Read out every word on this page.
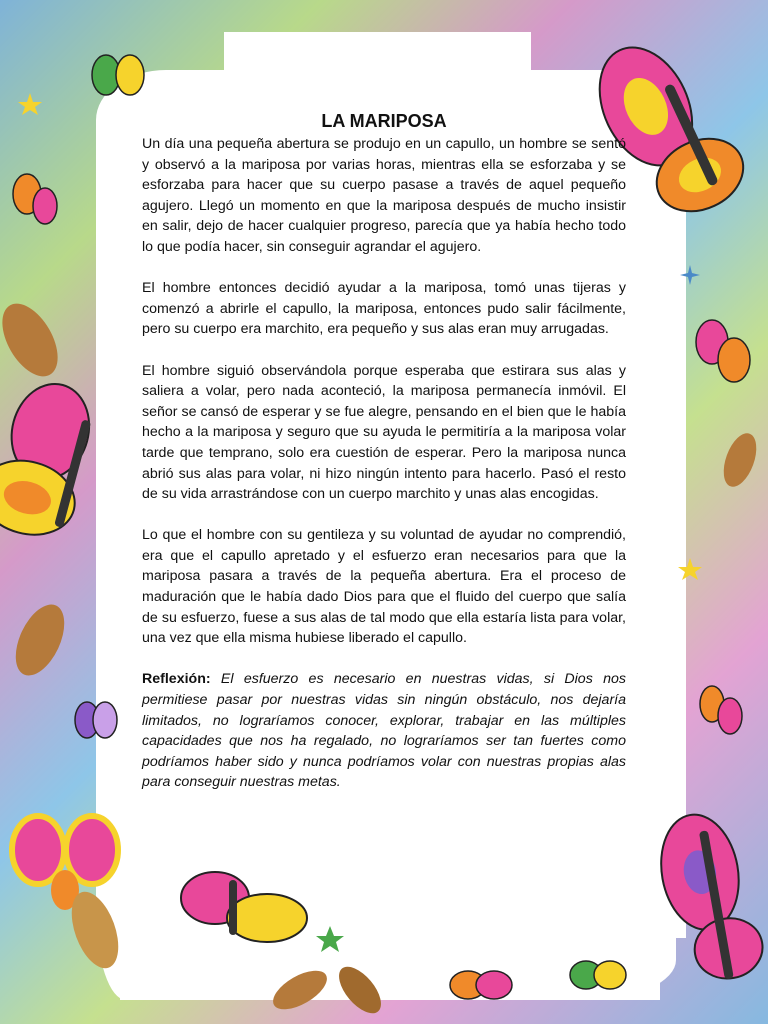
LA MARIPOSA

Un día una pequeña abertura se produjo en un capullo, un hombre se sentó y observó a la mariposa por varias horas, mientras ella se esforzaba y se esforzaba para hacer que su cuerpo pasase a través de aquel pequeño agujero. Llegó un momento en que la mariposa después de mucho insistir en salir, dejo de hacer cualquier progreso, parecía que ya había hecho todo lo que podía hacer, sin conseguir agrandar el agujero.

El hombre entonces decidió ayudar a la mariposa, tomó unas tijeras y comenzó a abrirle el capullo, la mariposa, entonces pudo salir fácilmente, pero su cuerpo era marchito, era pequeño y sus alas eran muy arrugadas.

El hombre siguió observándola porque esperaba que estirara sus alas y saliera a volar, pero nada aconteció, la mariposa permanecía inmóvil. El señor se cansó de esperar y se fue alegre, pensando en el bien que le había hecho a la mariposa y seguro que su ayuda le permitiría a la mariposa volar tarde que temprano, solo era cuestión de esperar. Pero la mariposa nunca abrió sus alas para volar, ni hizo ningún intento para hacerlo. Pasó el resto de su vida arrastrándose con un cuerpo marchito y unas alas encogidas.

Lo que el hombre con su gentileza y su voluntad de ayudar no comprendió, era que el capullo apretado y el esfuerzo eran necesarios para que la mariposa pasara a través de la pequeña abertura. Era el proceso de maduración que le había dado Dios para que el fluido del cuerpo que salía de su esfuerzo, fuese a sus alas de tal modo que ella estaría lista para volar, una vez que ella misma hubiese liberado el capullo.

Reflexión: El esfuerzo es necesario en nuestras vidas, si Dios nos permitiese pasar por nuestras vidas sin ningún obstáculo, nos dejaría limitados, no lograríamos conocer, explorar, trabajar en las múltiples capacidades que nos ha regalado, no lograríamos ser tan fuertes como podríamos haber sido y nunca podríamos volar con nuestras propias alas para conseguir nuestras metas.
